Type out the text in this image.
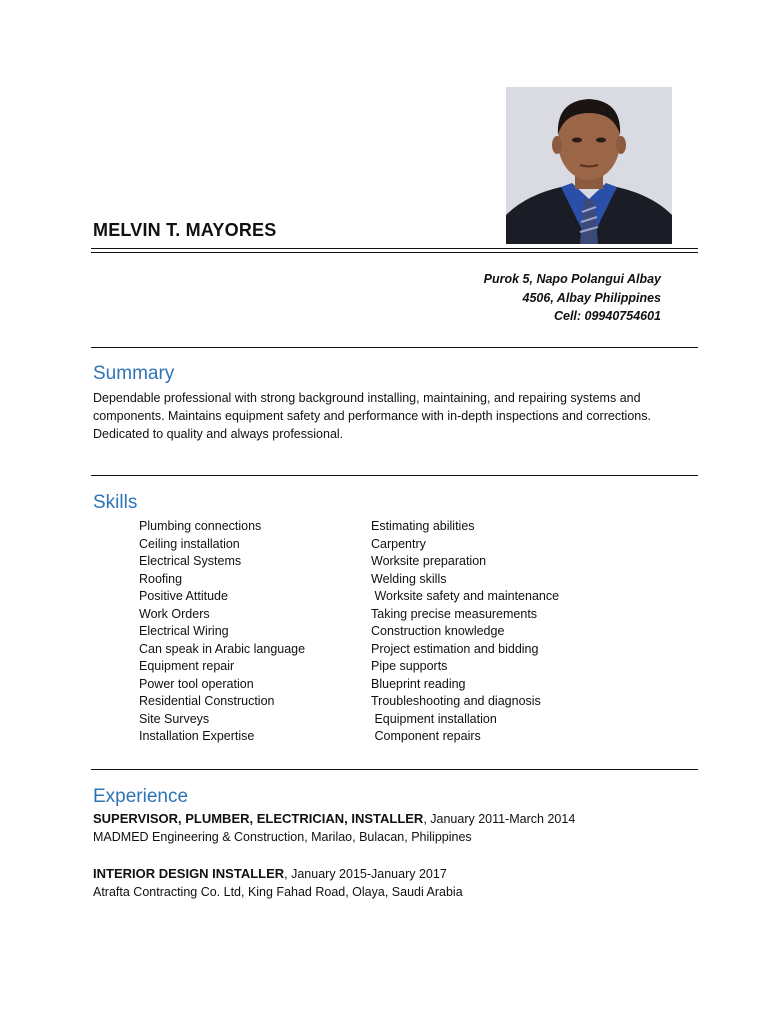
MELVIN T. MAYORES
Purok 5, Napo Polangui Albay
4506, Albay Philippines
Cell: 09940754601
Summary
Dependable professional with strong background installing, maintaining, and repairing systems and components. Maintains equipment safety and performance with in-depth inspections and corrections. Dedicated to quality and always professional.
Skills
Plumbing connections
Ceiling installation
Electrical Systems
Roofing
Positive Attitude
Work Orders
Electrical Wiring
Can speak in Arabic language
Equipment repair
Power tool operation
Residential Construction
Site Surveys
Installation Expertise
Estimating abilities
Carpentry
Worksite preparation
Welding skills
Worksite safety and maintenance
Taking precise measurements
Construction knowledge
Project estimation and bidding
Pipe supports
Blueprint reading
Troubleshooting and diagnosis
Equipment installation
Component repairs
Experience
SUPERVISOR, PLUMBER, ELECTRICIAN, INSTALLER, January 2011-March 2014
MADMED Engineering & Construction, Marilao, Bulacan, Philippines
INTERIOR DESIGN INSTALLER, January 2015-January 2017
Atrafta Contracting Co. Ltd, King Fahad Road, Olaya, Saudi Arabia
